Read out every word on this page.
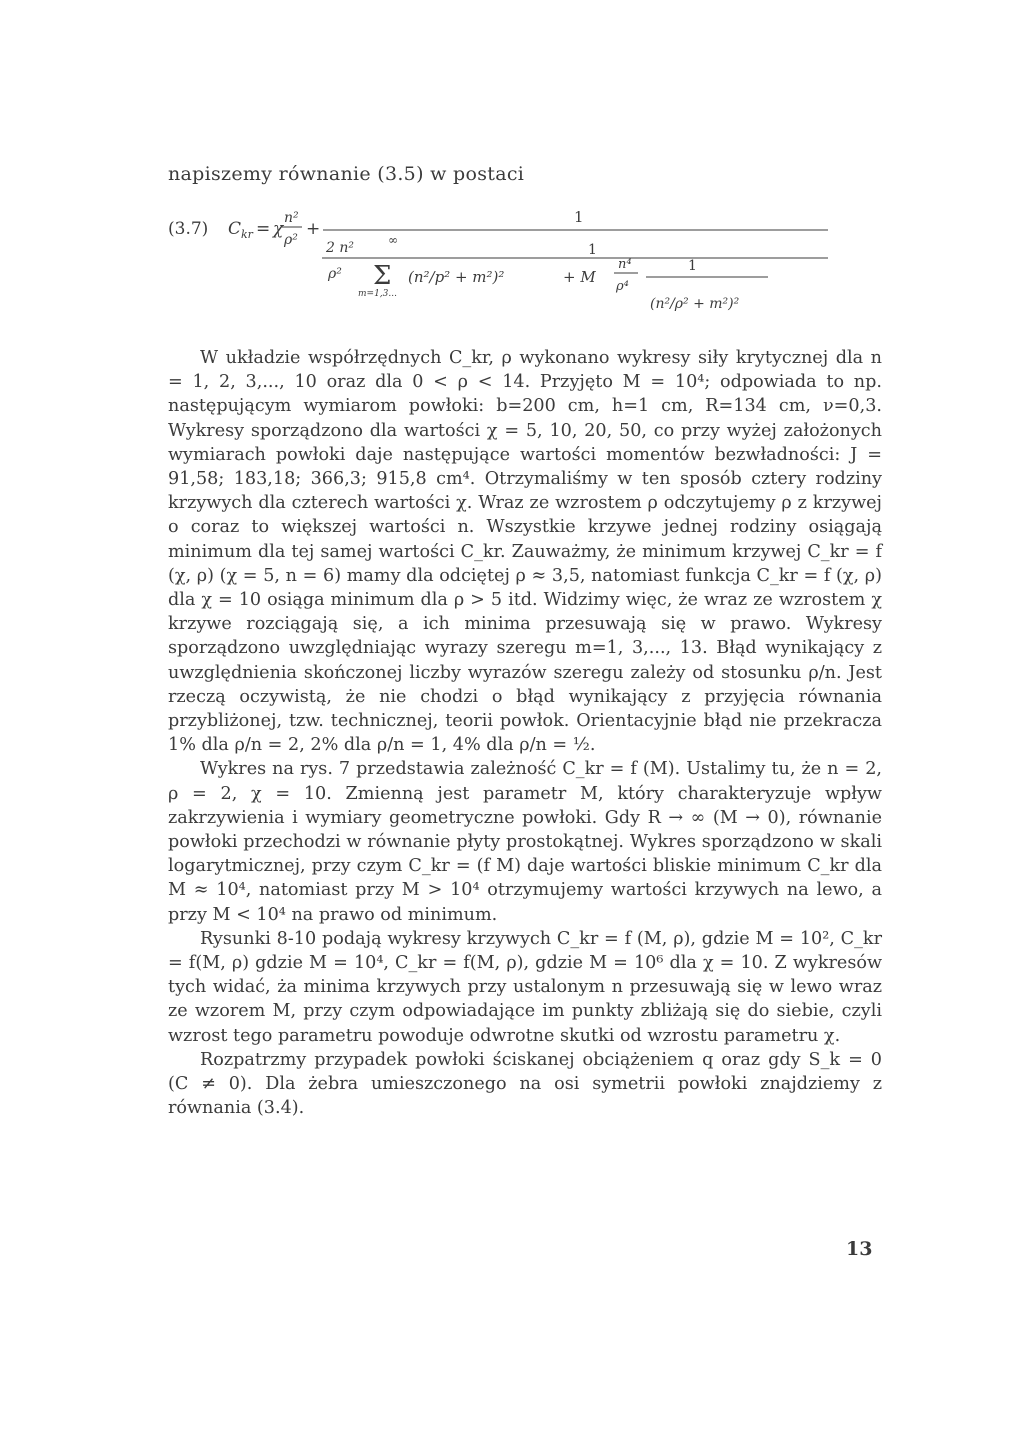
napiszemy równanie (3.5) w postaci
(3.7) C kr = χ
n²
ρ²
+
1
2 n²	∞
1
ρ² Σ
m=1,3...
(n²/p² + m²)²	+ M
n⁴
ρ⁴
1
(n²/ρ² + m²)²

W układzie współrzędnych C_kr, ρ wykonano wykresy siły krytycznej dla n = 1, 2, 3,..., 10 oraz dla 0 < ρ < 14. Przyjęto M = 10⁴; odpowiada to np. następującym wymiarom powłoki: b=200 cm, h=1 cm, R=134 cm, ν=0,3. Wykresy sporządzono dla wartości χ = 5, 10, 20, 50, co przy wyżej założonych wymiarach powłoki daje następujące wartości momentów bezwładności: J = 91,58; 183,18; 366,3; 915,8 cm⁴. Otrzymaliśmy w ten sposób cztery rodziny krzywych dla czterech wartości χ. Wraz ze wzrostem ρ odczytujemy ρ z krzywej o coraz to większej wartości n. Wszystkie krzywe jednej rodziny osiągają minimum dla tej samej wartości C_kr. Zauważmy, że minimum krzywej C_kr = f (χ, ρ) (χ = 5, n = 6) mamy dla odciętej ρ ≈ 3,5, natomiast funkcja C_kr = f (χ, ρ) dla χ = 10 osiąga minimum dla ρ > 5 itd. Widzimy więc, że wraz ze wzrostem χ krzywe rozciągają się, a ich minima przesuwają się w prawo. Wykresy sporządzono uwzględniając wyrazy szeregu m=1, 3,..., 13. Błąd wynikający z uwzględnienia skończonej liczby wyrazów szeregu zależy od stosunku ρ/n. Jest rzeczą oczywistą, że nie chodzi o błąd wynikający z przyjęcia równania przybliżonej, tzw. technicznej, teorii powłok. Orientacyjnie błąd nie przekracza 1% dla ρ/n = 2, 2% dla ρ/n = 1, 4% dla ρ/n = ½.

Wykres na rys. 7 przedstawia zależność C_kr = f (M). Ustalimy tu, że n = 2, ρ = 2, χ = 10. Zmienną jest parametr M, który charakteryzuje wpływ zakrzywienia i wymiary geometryczne powłoki. Gdy R → ∞ (M → 0), równanie powłoki przechodzi w równanie płyty prostokątnej. Wykres sporządzono w skali logarytmicznej, przy czym C_kr = (f M) daje wartości bliskie minimum C_kr dla M ≈ 10⁴, natomiast przy M > 10⁴ otrzymujemy wartości krzywych na lewo, a przy M < 10⁴ na prawo od minimum.

Rysunki 8-10 podają wykresy krzywych C_kr = f (M, ρ), gdzie M = 10², C_kr = f(M, ρ) gdzie M = 10⁴, C_kr = f(M, ρ), gdzie M = 10⁶ dla χ = 10. Z wykresów tych widać, ża minima krzywych przy ustalonym n przesuwają się w lewo wraz ze wzorem M, przy czym odpowiadające im punkty zbliżają się do siebie, czyli wzrost tego parametru powoduje odwrotne skutki od wzrostu parametru χ.

Rozpatrzmy przypadek powłoki ściskanej obciążeniem q oraz gdy S_k = 0 (C ≠ 0). Dla żebra umieszczonego na osi symetrii powłoki znajdziemy z równania (3.4).

13
